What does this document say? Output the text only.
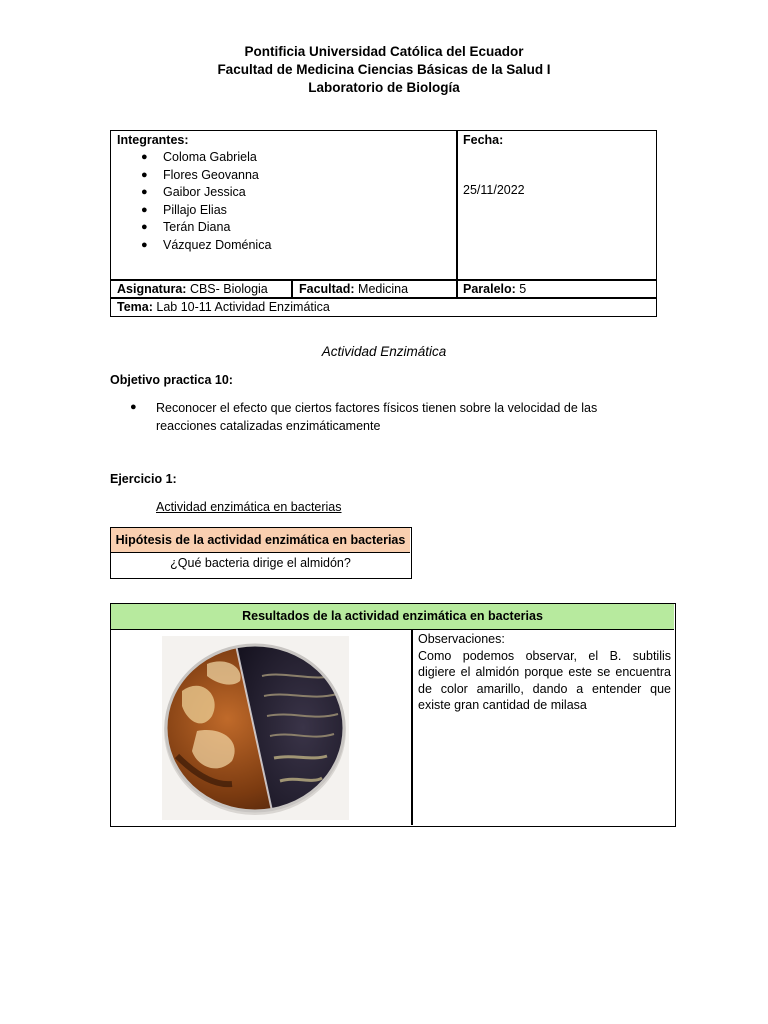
Pontificia Universidad Católica del Ecuador
Facultad de Medicina Ciencias Básicas de la Salud I
Laboratorio de Biología
Integrantes:
● Coloma Gabriela
● Flores Geovanna
● Gaibor Jessica
● Pillajo Elias
● Terán Diana
● Vázquez Doménica
Fecha:
25/11/2022
Asignatura: CBS- Biologia Facultad: Medicina	Paralelo: 5
Tema: Lab 10-11 Actividad Enzimática
Actividad Enzimática
Objetivo practica 10:
● Reconocer el efecto que ciertos factores físicos tienen sobre la velocidad de las reacciones catalizadas enzimáticamente
Ejercicio 1:
Actividad enzimática en bacterias
Hipótesis de la actividad enzimática en bacterias
¿Qué bacteria dirige el almidón?
Resultados de la actividad enzimática en bacterias
Observaciones:
Como podemos observar, el B. subtilis digiere el almidón porque este se encuentra de color amarillo, dando a entender que existe gran cantidad de milasa
